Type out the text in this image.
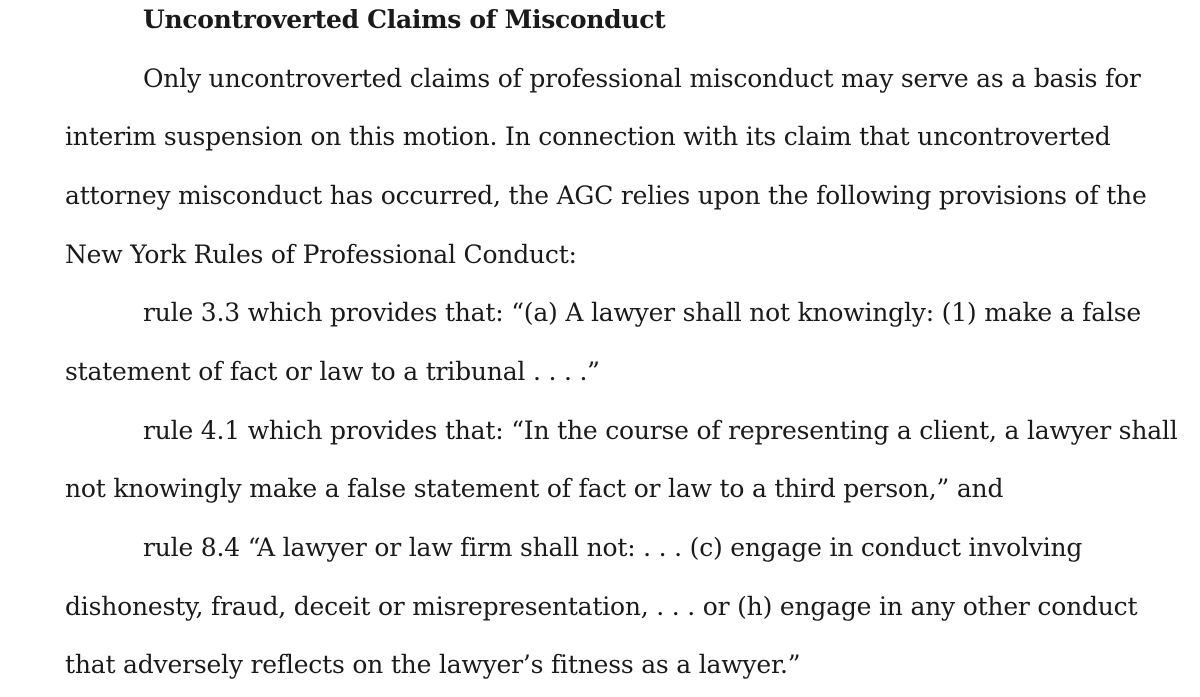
Uncontroverted Claims of Misconduct
Only uncontroverted claims of professional misconduct may serve as a basis for
interim suspension on this motion. In connection with its claim that uncontroverted
attorney misconduct has occurred, the AGC relies upon the following provisions of the
New York Rules of Professional Conduct:
rule 3.3 which provides that: “(a) A lawyer shall not knowingly: (1) make a false
statement of fact or law to a tribunal . . . .”
rule 4.1 which provides that: “In the course of representing a client, a lawyer shall
not knowingly make a false statement of fact or law to a third person,” and
rule 8.4 “A lawyer or law firm shall not: . . . (c) engage in conduct involving
dishonesty, fraud, deceit or misrepresentation, . . . or (h) engage in any other conduct
that adversely reflects on the lawyer’s fitness as a lawyer.”
